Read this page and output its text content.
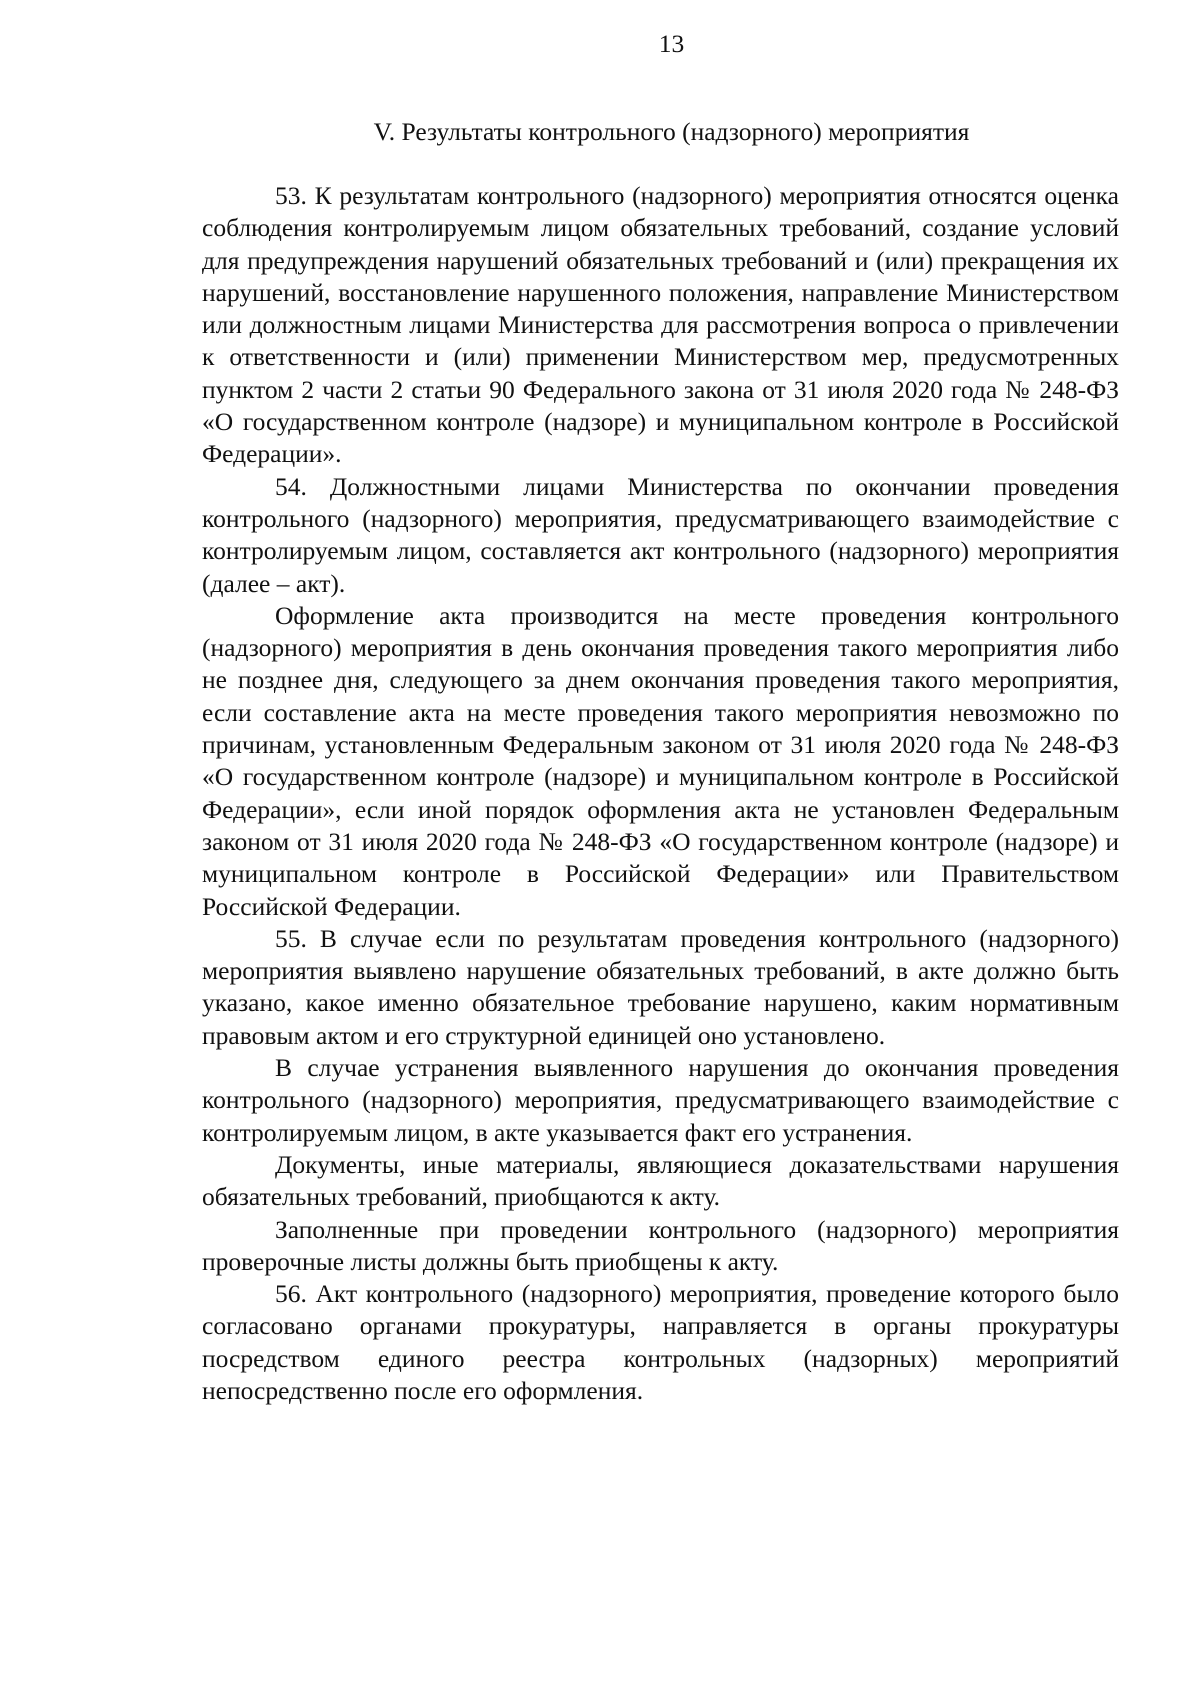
13
V. Результаты контрольного (надзорного) мероприятия

53. К результатам контрольного (надзорного) мероприятия относятся оценка соблюдения контролируемым лицом обязательных требований, создание условий для предупреждения нарушений обязательных требований и (или) прекращения их нарушений, восстановление нарушенного положения, направление Министерством или должностным лицами Министерства для рассмотрения вопроса о привлечении к ответственности и (или) применении Министерством мер, предусмотренных пунктом 2 части 2 статьи 90 Федерального закона от 31 июля 2020 года № 248-ФЗ «О государственном контроле (надзоре) и муниципальном контроле в Российской Федерации».

54. Должностными лицами Министерства по окончании проведения контрольного (надзорного) мероприятия, предусматривающего взаимодействие с контролируемым лицом, составляется акт контрольного (надзорного) мероприятия (далее – акт).

Оформление акта производится на месте проведения контрольного (надзорного) мероприятия в день окончания проведения такого мероприятия либо не позднее дня, следующего за днем окончания проведения такого мероприятия, если составление акта на месте проведения такого мероприятия невозможно по причинам, установленным Федеральным законом от 31 июля 2020 года № 248-ФЗ «О государственном контроле (надзоре) и муниципальном контроле в Российской Федерации», если иной порядок оформления акта не установлен Федеральным законом от 31 июля 2020 года № 248-ФЗ «О государственном контроле (надзоре) и муниципальном контроле в Российской Федерации» или Правительством Российской Федерации.

55. В случае если по результатам проведения контрольного (надзорного) мероприятия выявлено нарушение обязательных требований, в акте должно быть указано, какое именно обязательное требование нарушено, каким нормативным правовым актом и его структурной единицей оно установлено.

В случае устранения выявленного нарушения до окончания проведения контрольного (надзорного) мероприятия, предусматривающего взаимодействие с контролируемым лицом, в акте указывается факт его устранения.

Документы, иные материалы, являющиеся доказательствами нарушения обязательных требований, приобщаются к акту.

Заполненные при проведении контрольного (надзорного) мероприятия проверочные листы должны быть приобщены к акту.

56. Акт контрольного (надзорного) мероприятия, проведение которого было согласовано органами прокуратуры, направляется в органы прокуратуры посредством единого реестра контрольных (надзорных) мероприятий непосредственно после его оформления.
